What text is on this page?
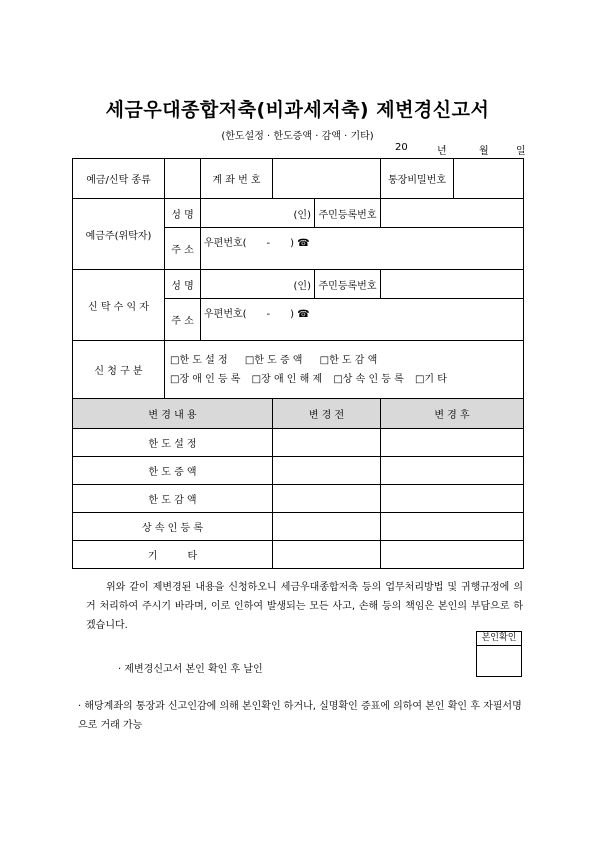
세금우대종합저축(비과세저축) 제변경신고서
(한도설정 · 한도증액 · 감액 · 기타)
20	년	월	일
예금/신탁 종류		계 좌 번 호			통장비밀번호	
예금주(위탁자)	성 명	(인)		주민등록번호		
	주 소	우편번호(　　-　　) ☎				
신 탁 수 익 자	성 명	(인)		주민등록번호		
	주 소	우편번호(　　-　　) ☎				
신 청 구 분	□한 도 설 정 □한 도 증 액 □한 도 감 액
□장 애 인 등 록 □장 애 인 해 제 □상 속 인 등 록 □기 타					

변 경 내 용			변 경 전		변 경 후	
한 도 설 정						
한 도 증 액						
한 도 감 액						
상 속 인 등 록						
기　　　타						
위와 같이 제변경된 내용을 신청하오니 세금우대종합저축 등의 업무처리방법 및 귀행규정에 의거 처리하여 주시기 바라며, 이로 인하여 발생되는 모든 사고, 손해 등의 책임은 본인의 부담으로 하겠습니다.
본인확인
· 제변경신고서 본인 확인 후 날인
· 해당계좌의 통장과 신고인감에 의해 본인확인 하거나, 실명확인 증표에 의하여 본인 확인 후 자필서명으로 거래 가능
